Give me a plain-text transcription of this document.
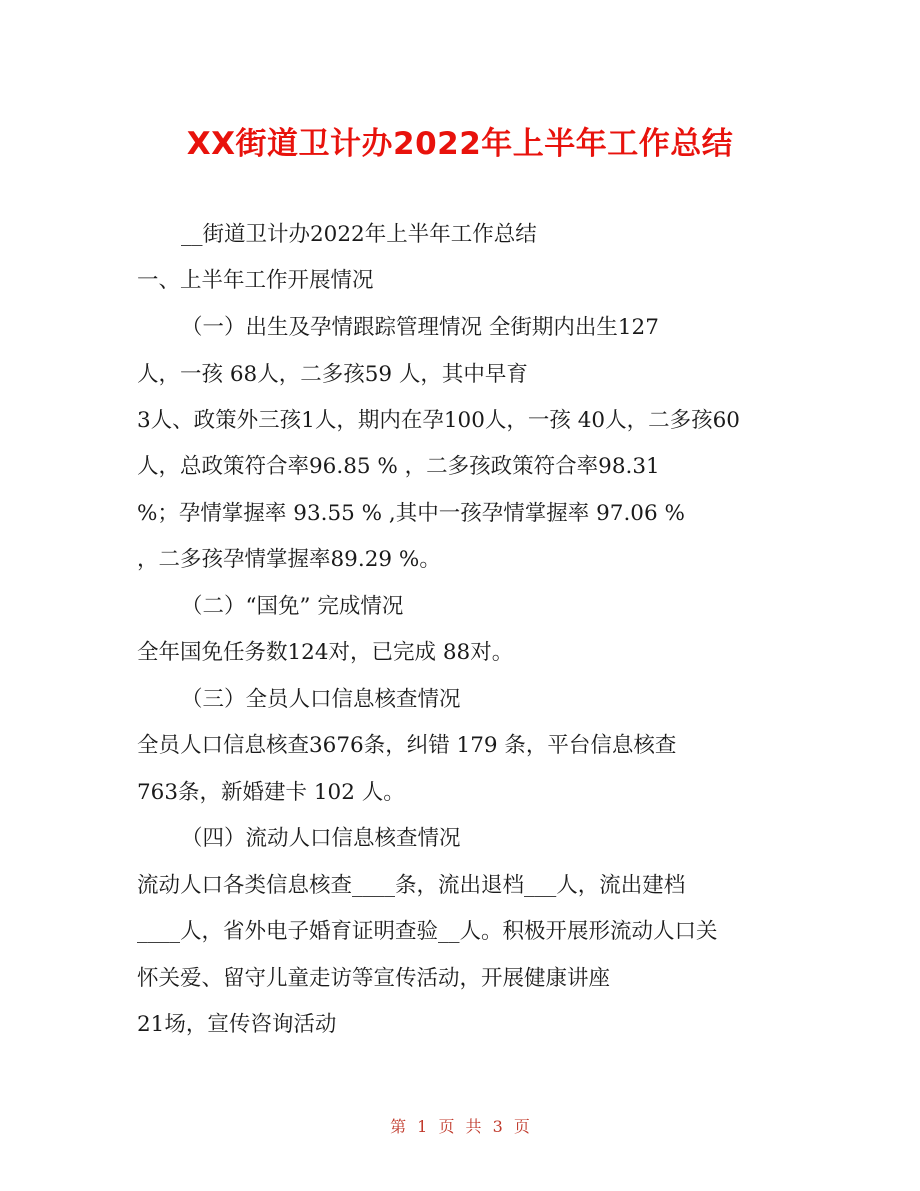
XX街道卫计办2022年上半年工作总结

__街道卫计办2022年上半年工作总结

一、上半年工作开展情况

（一）出生及孕情跟踪管理情况 全街期内出生127

人，一孩 68人，二多孩59 人，其中早育

3人、政策外三孩1人，期内在孕100人，一孩 40人，二多孩60

人，总政策符合率96.85 % ，二多孩政策符合率98.31

%；孕情掌握率 93.55 % ,其中一孩孕情掌握率 97.06 %

，二多孩孕情掌握率89.29 %。

（二）“国免” 完成情况

全年国免任务数124对，已完成 88对。

（三）全员人口信息核查情况

全员人口信息核查3676条，纠错 179 条，平台信息核查

763条，新婚建卡 102 人。

（四）流动人口信息核查情况

流动人口各类信息核查____条，流出退档___人，流出建档

____人，省外电子婚育证明查验__人。积极开展形流动人口关

怀关爱、留守儿童走访等宣传活动，开展健康讲座

21场，宣传咨询活动

第 1 页 共 3 页
